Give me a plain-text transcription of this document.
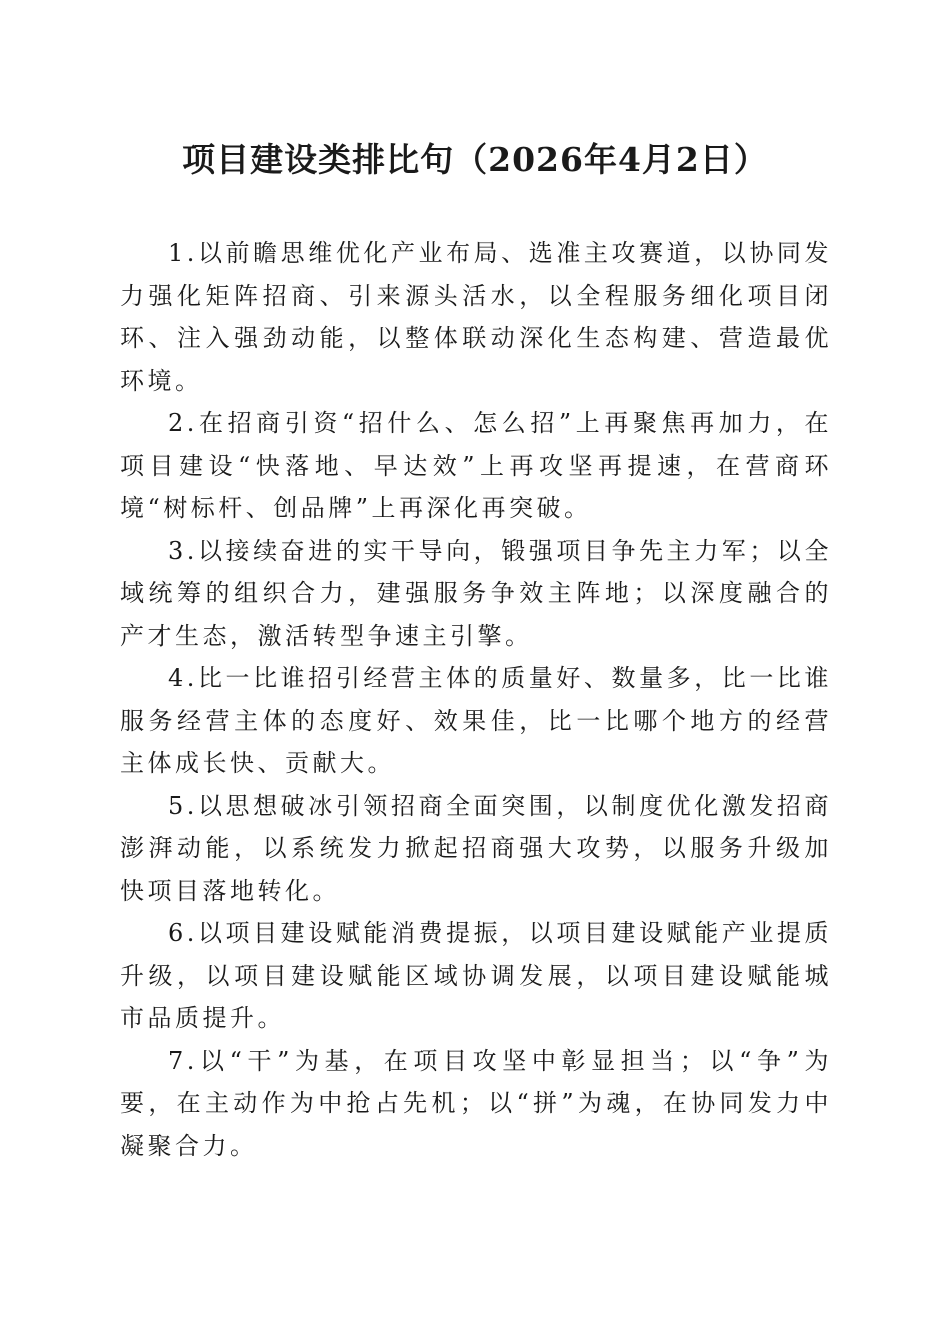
项目建设类排比句（2026年4月2日）

1.以前瞻思维优化产业布局、选准主攻赛道，以协同发力强化矩阵招商、引来源头活水，以全程服务细化项目闭环、注入强劲动能，以整体联动深化生态构建、营造最优环境。

2.在招商引资“招什么、怎么招”上再聚焦再加力，在项目建设“快落地、早达效”上再攻坚再提速，在营商环境“树标杆、创品牌”上再深化再突破。

3.以接续奋进的实干导向，锻强项目争先主力军；以全域统筹的组织合力，建强服务争效主阵地；以深度融合的产才生态，激活转型争速主引擎。

4.比一比谁招引经营主体的质量好、数量多，比一比谁服务经营主体的态度好、效果佳，比一比哪个地方的经营主体成长快、贡献大。

5.以思想破冰引领招商全面突围，以制度优化激发招商澎湃动能，以系统发力掀起招商强大攻势，以服务升级加快项目落地转化。

6.以项目建设赋能消费提振，以项目建设赋能产业提质升级，以项目建设赋能区域协调发展，以项目建设赋能城市品质提升。

7.以“干”为基，在项目攻坚中彰显担当；以“争”为要，在主动作为中抢占先机；以“拼”为魂，在协同发力中凝聚合力。
